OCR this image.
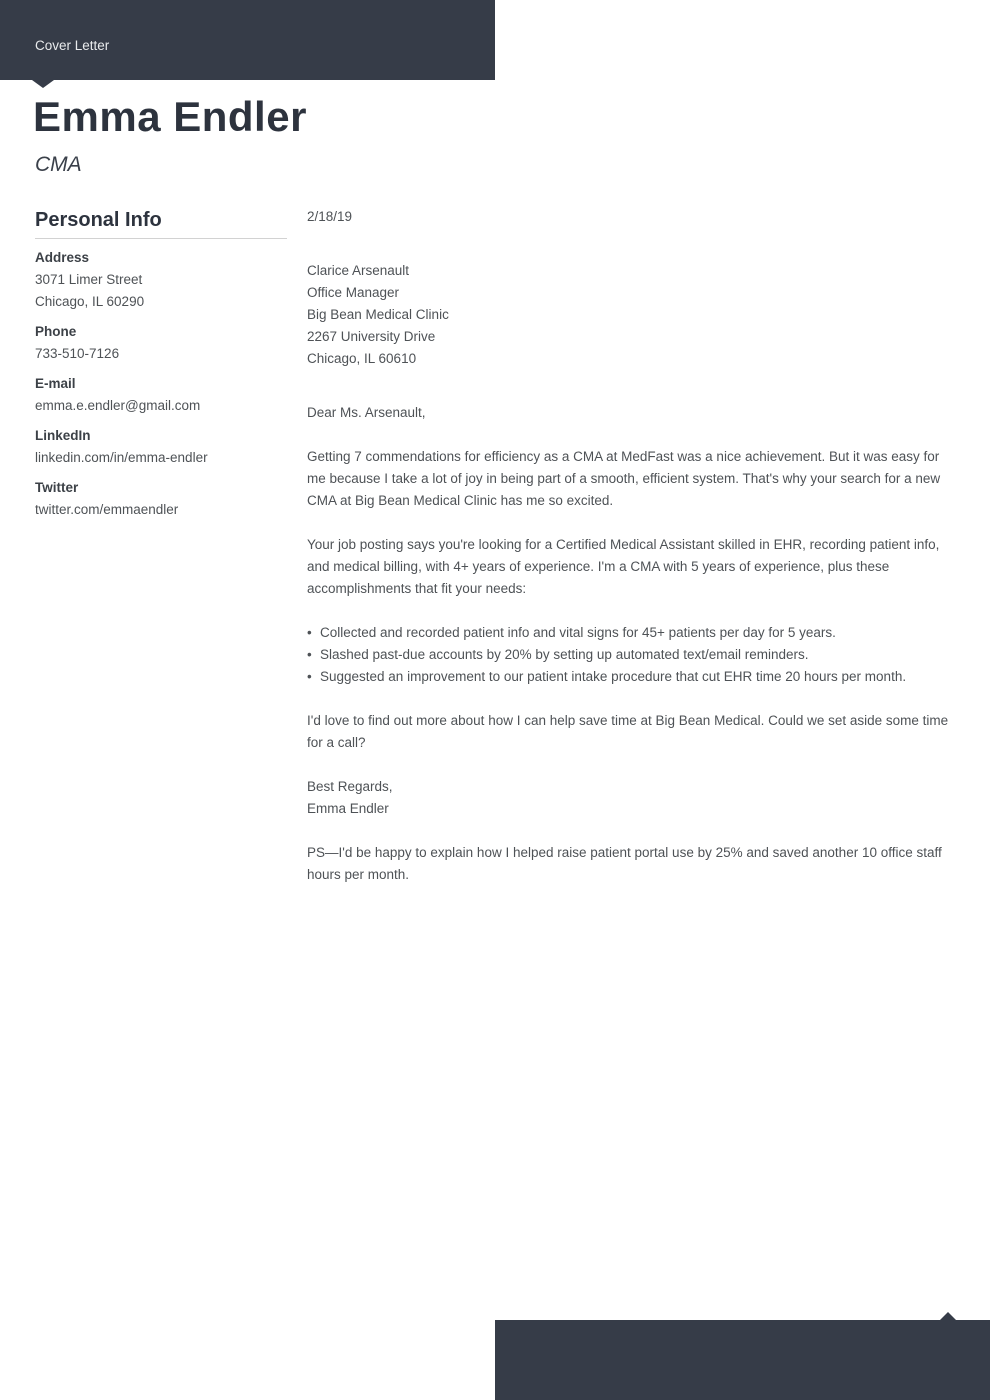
Cover Letter
Emma Endler
CMA
Personal Info
Address
3071 Limer Street
Chicago, IL 60290
Phone
733-510-7126
E-mail
emma.e.endler@gmail.com
LinkedIn
linkedin.com/in/emma-endler
Twitter
twitter.com/emmaendler
2/18/19
Clarice Arsenault
Office Manager
Big Bean Medical Clinic
2267 University Drive
Chicago, IL 60610
Dear Ms. Arsenault,

Getting 7 commendations for efficiency as a CMA at MedFast was a nice achievement. But it was easy for me because I take a lot of joy in being part of a smooth, efficient system. That's why your search for a new CMA at Big Bean Medical Clinic has me so excited.

Your job posting says you're looking for a Certified Medical Assistant skilled in EHR, recording patient info, and medical billing, with 4+ years of experience. I'm a CMA with 5 years of experience, plus these accomplishments that fit your needs:

• Collected and recorded patient info and vital signs for 45+ patients per day for 5 years.
• Slashed past-due accounts by 20% by setting up automated text/email reminders.
• Suggested an improvement to our patient intake procedure that cut EHR time 20 hours per month.

I'd love to find out more about how I can help save time at Big Bean Medical. Could we set aside some time for a call?

Best Regards,
Emma Endler

PS—I'd be happy to explain how I helped raise patient portal use by 25% and saved another 10 office staff hours per month.
